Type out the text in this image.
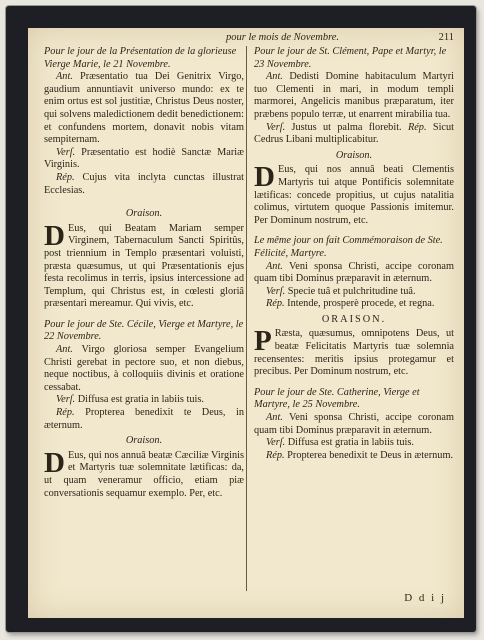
pour le mois de Novembre.	211

Pour le jour de la Présentation de la glorieuse Vierge Marie, le 21 Novembre.

Ant. Præsentatio tua Dei Genitrix Virgo, gaudium annuntiavit universo mundo: ex te enim ortus est sol justitiæ, Christus Deus noster, qui solvens maledictionem dedit benedictionem: et confundens mortem, donavit nobis vitam sempiternam.

Verſ. Præsentatio est hodiè Sanctæ Mariæ Virginis.

Rép. Cujus vita inclyta cunctas illustrat Ecclesias.

Oraison.

D Eus, qui Beatam Mariam semper Virginem, Tabernaculum Sancti Spiritûs, post triennium in Templo præsentari voluisti, præsta quæsumus, ut qui Præsentationis ejus festa recolimus in terris, ipsius intercessione ad Templum, qui Christus est, in cœlesti gloriâ præsentari mereamur. Qui vivis, etc.

Pour le jour de Ste. Cécile, Vierge et Martyre, le 22 Novembre.

Ant. Virgo gloriosa semper Evangelium Christi gerebat in pectore suo, et non diebus, neque noctibus, à colloquiis divinis et oratione cessabat.

Verſ. Diffusa est gratia in labiis tuis.

Rép. Propterea benedixit te Deus, in æternum.

Oraison.

D Eus, qui nos annuâ beatæ Cæciliæ Virginis et Martyris tuæ solemnitate lætificas: da, ut quam veneramur officio, etiam piæ conversationis sequamur exemplo. Per, etc.

Pour le jour de St. Clément, Pape et Martyr, le 23 Novembre.

Ant. Dedisti Domine habitaculum Martyri tuo Clementi in mari, in modum templi marmorei, Angelicis manibus præparatum, iter præbens populo terræ, ut enarrent mirabilia tua.

Verſ. Justus ut palma florebit. Rép. Sicut Cedrus Libani multiplicabitur.

Oraison.

D Eus, qui nos annuâ beati Clementis Martyris tui atque Pontificis solemnitate lætificas: concede propitius, ut cujus natalitia colimus, virtutem quoque Passionis imitemur. Per Dominum nostrum, etc.

Le même jour on fait Commémoraison de Ste. Félicité, Martyre.

Ant. Veni sponsa Christi, accipe coronam quam tibi Dominus præparavit in æternum.

Verſ. Specie tuâ et pulchritudine tuâ.

Rép. Intende, prosperè procede, et regna.

ORAISON.

P Ræsta, quæsumus, omnipotens Deus, ut beatæ Felicitatis Martyris tuæ solemnia recensentes: meritis ipsius protegamur et precibus. Per Dominum nostrum, etc.

Pour le jour de Ste. Catherine, Vierge et Martyre, le 25 Novembre.

Ant. Veni sponsa Christi, accipe coronam quam tibi Dominus præparavit in æternum.

Verſ. Diffusa est gratia in labiis tuis.

Rép. Propterea benedixit te Deus in æternum.

D d i j
